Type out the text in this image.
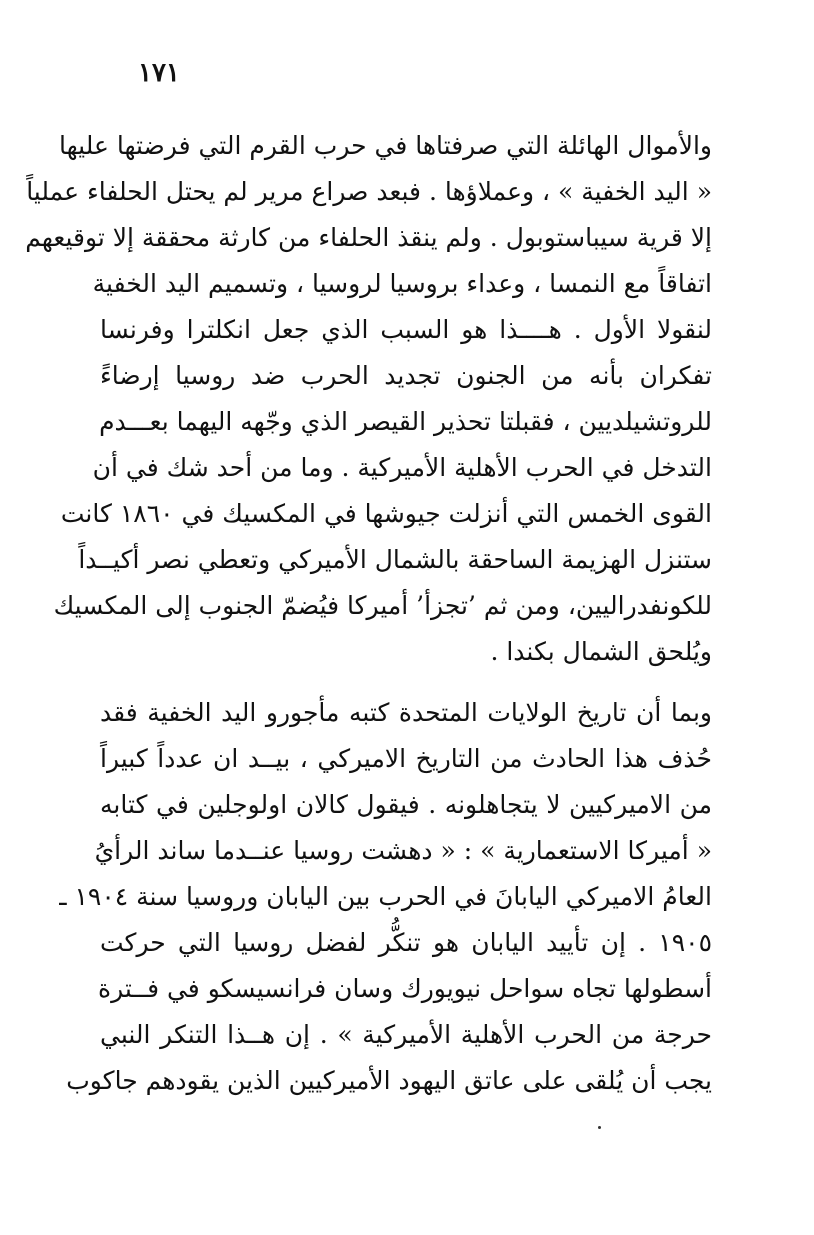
١٧١
والأموال الهائلة التي صرفتاها في حرب القرم التي فرضتها عليها
« اليد الخفية » ، وعملاؤها . فبعد صراع مرير لم يحتل الحلفاء عملياً
إلا قرية سيباستوبول . ولم ينقذ الحلفاء من كارثة محققة إلا توقيعهم
اتفاقاً مع النمسا ، وعداء بروسيا لروسيا ، وتسميم اليد الخفية
لنقولا الأول . هــــذا هو السبب الذي جعل انكلترا وفرنسا
تفكران بأنه من الجنون تجديد الحرب ضد روسيا إرضاءً
للروتشيلديين ، فقبلتا تحذير القيصر الذي وجّهه اليهما بعـــدم
التدخل في الحرب الأهلية الأميركية . وما من أحد شك في أن
القوى الخمس التي أنزلت جيوشها في المكسيك في ١٨٦٠ كانت
ستنزل الهزيمة الساحقة بالشمال الأميركي وتعطي نصر أكيــداً
للكونفدراليين، ومن ثم ’تجزأ’ أميركا فيُضمّ الجنوب إلى المكسيك
ويُلحق الشمال بكندا .
وبما أن تاريخ الولايات المتحدة كتبه مأجورو اليد الخفية فقد
حُذف هذا الحادث من التاريخ الاميركي ، بيــد ان عدداً كبيراً
من الاميركيين لا يتجاهلونه . فيقول كالان اولوجلين في كتابه
« أميركا الاستعمارية » : « دهشت روسيا عنــدما ساند الرأيُ
العامُ الاميركي اليابانَ في الحرب بين اليابان وروسيا سنة ١٩٠٤ ـ
١٩٠٥ . إن تأييد اليابان هو تنكُّر لفضل روسيا التي حركت
أسطولها تجاه سواحل نيويورك وسان فرانسيسكو في فــترة
حرجة من الحرب الأهلية الأميركية » . إن هــذا التنكر النبي
يجب أن يُلقى على عاتق اليهود الأميركيين الذين يقودهم جاكوب
